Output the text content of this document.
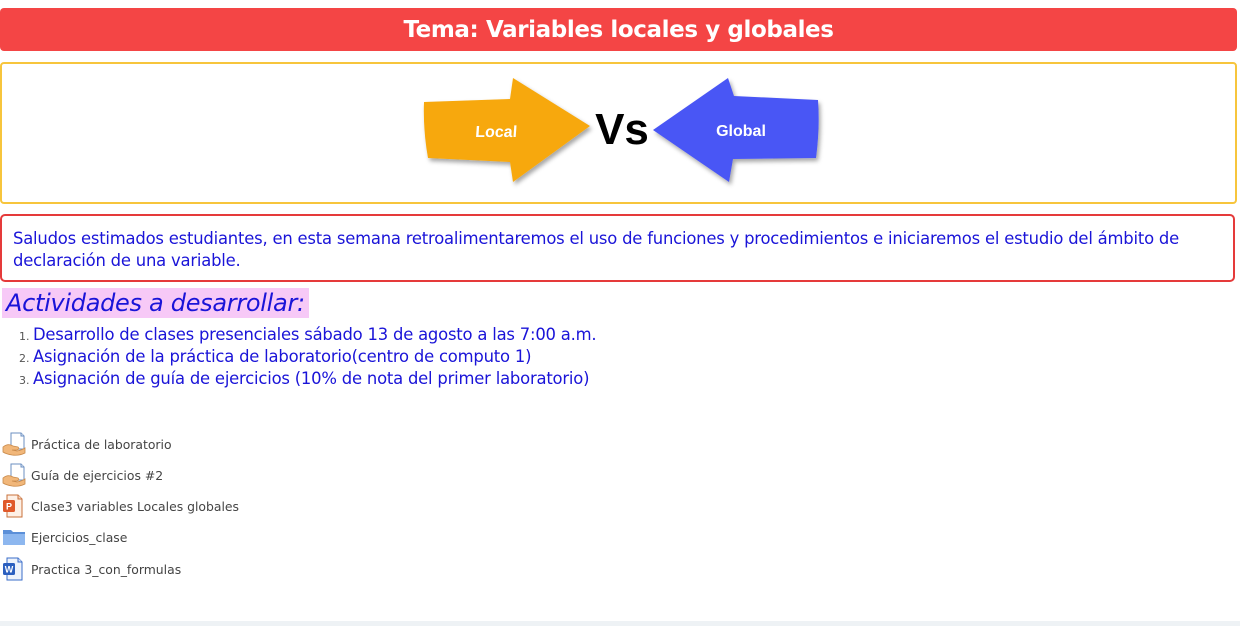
Tema: Variables locales y globales
Local Vs	Global
Saludos estimados estudiantes, en esta semana retroalimentaremos el uso de funciones y procedimientos e iniciaremos el estudio del ámbito de declaración de una variable.
Actividades a desarrollar:
1. Desarrollo de clases presenciales sábado 13 de agosto a las 7:00 a.m.
2. Asignación de la práctica de laboratorio(centro de computo 1)
3. Asignación de guía de ejercicios (10% de nota del primer laboratorio)
Práctica de laboratorio
Guía de ejercicios #2
P Clase3 variables Locales globales
Ejercicios_clase
W Practica 3_con_formulas
